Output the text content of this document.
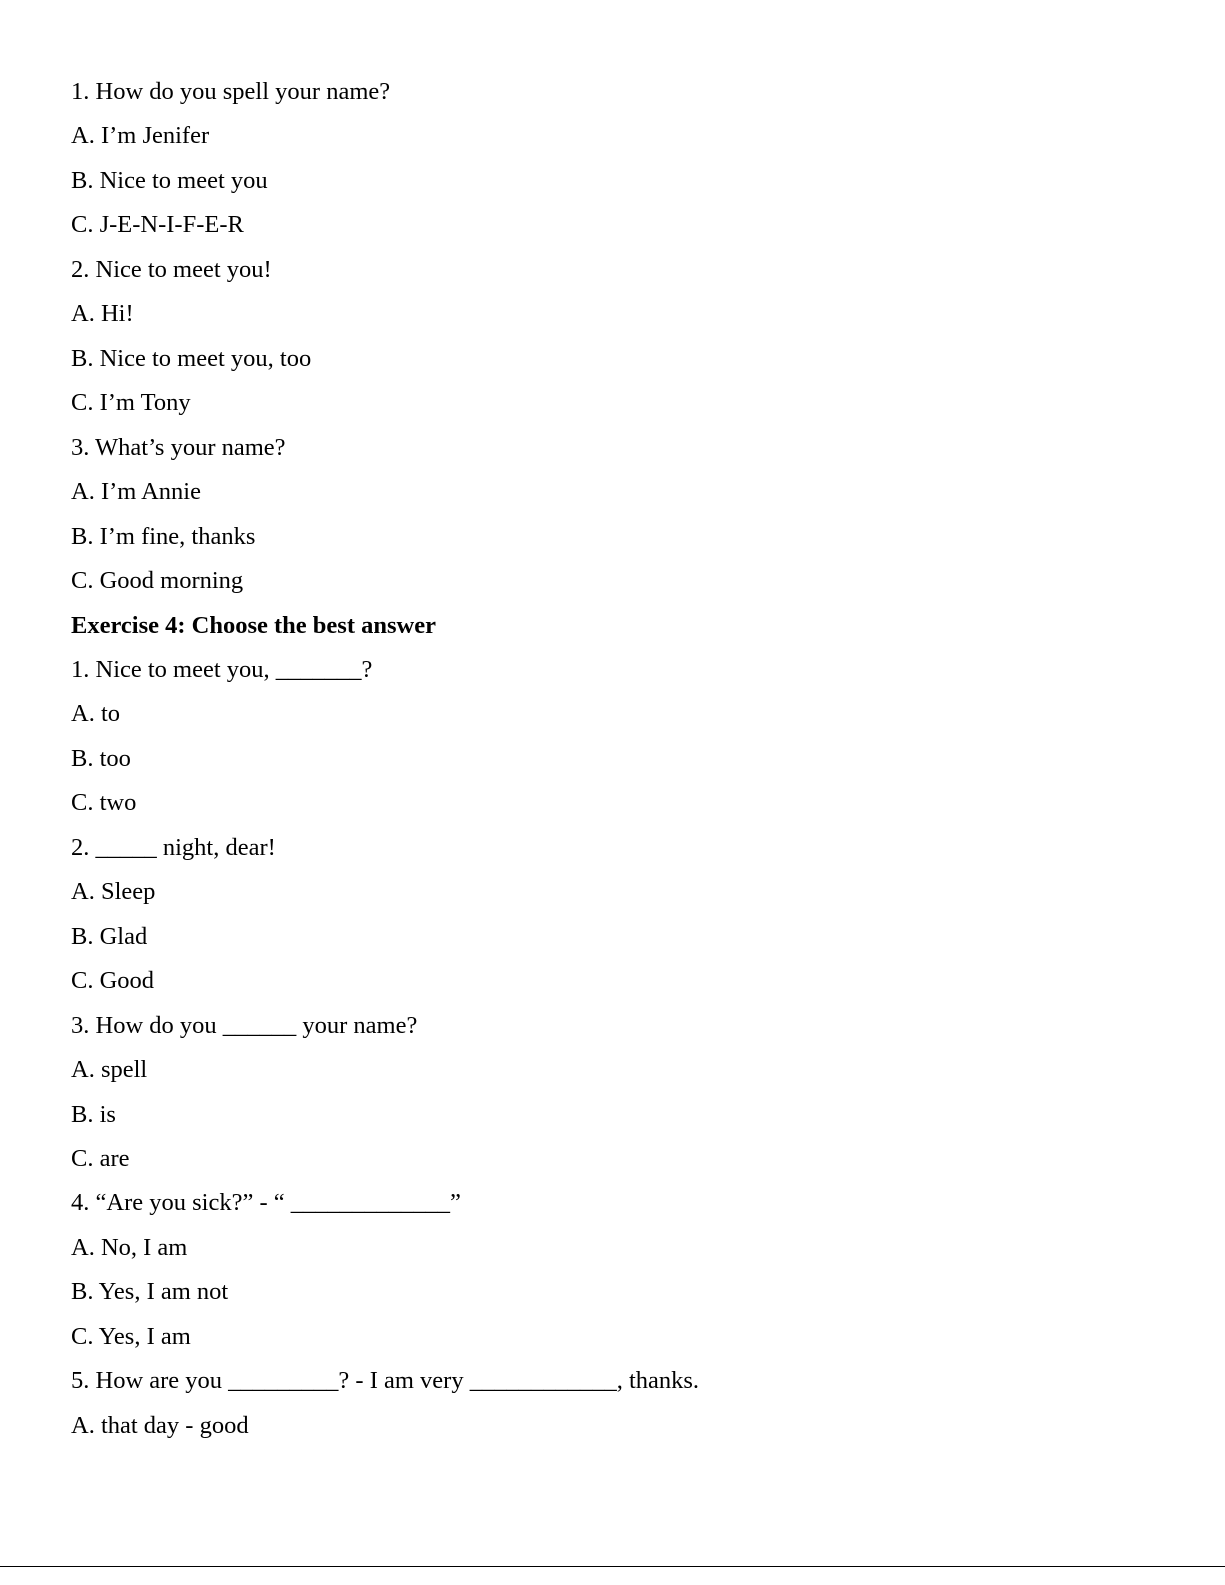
1. How do you spell your name?
A. I’m Jenifer
B. Nice to meet you
C. J-E-N-I-F-E-R
2. Nice to meet you!
A. Hi!
B. Nice to meet you, too
C. I’m Tony
3. What’s your name?
A. I’m Annie
B. I’m fine, thanks
C. Good morning
Exercise 4: Choose the best answer
1. Nice to meet you, _______?
A. to
B. too
C. two
2. _____ night, dear!
A. Sleep
B. Glad
C. Good
3. How do you ______ your name?
A. spell
B. is
C. are
4. “Are you sick?” - “ _____________”
A. No, I am
B. Yes, I am not
C. Yes, I am
5. How are you _________? - I am very ____________, thanks.
A. that day - good
